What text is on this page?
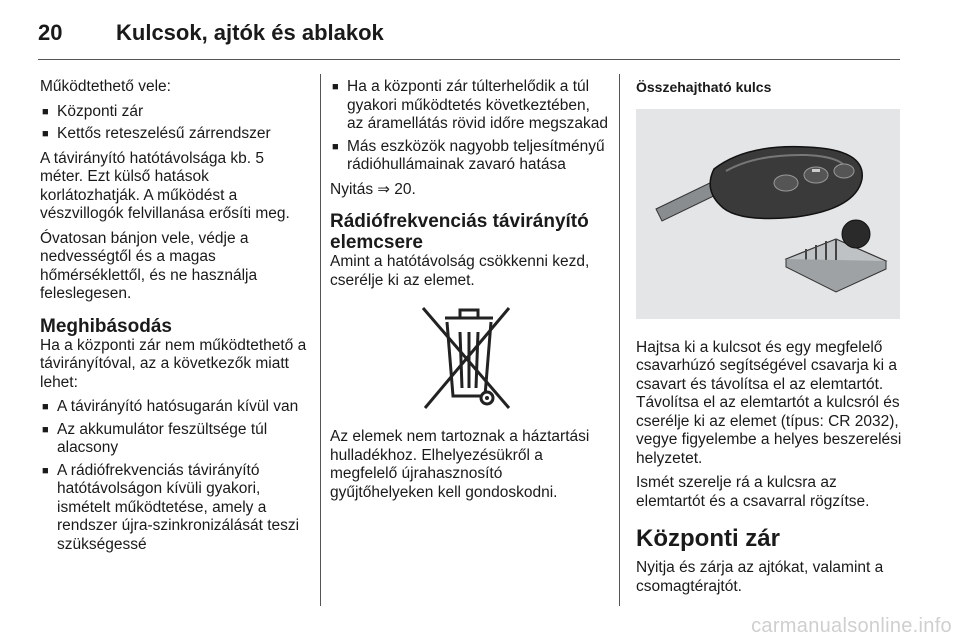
20	Kulcsok, ajtók és ablakok

Működtethető vele:

■ Központi zár
■ Kettős reteszelésű zárrendszer

A távirányító hatótávolsága kb. 5 méter. Ezt külső hatások korlátozhatják. A működést a vészvillogók felvillanása erősíti meg.

Óvatosan bánjon vele, védje a nedvességtől és a magas hőmérséklettől, és ne használja feleslegesen.

Meghibásodás

Ha a központi zár nem működtethető a távirányítóval, az a következők miatt lehet:

■ A távirányító hatósugarán kívül van
■ Az akkumulátor feszültsége túl alacsony
■ A rádiófrekvenciás távirányító hatótávolságon kívüli gyakori, ismételt működtetése, amely a rendszer újra-szinkronizálását teszi szükségessé
■ Ha a központi zár túlterhelődik a túl gyakori működtetés következtében, az áramellátás rövid időre megszakad
■ Más eszközök nagyobb teljesítményű rádióhullámainak zavaró hatása

Nyitás ⇒ 20.

Rádiófrekvenciás távirányító elemcsere

Amint a hatótávolság csökkenni kezd, cserélje ki az elemet.

Az elemek nem tartoznak a háztartási hulladékhoz. Elhelyezésükről a megfelelő újrahasznosító gyűjtőhelyeken kell gondoskodni.

Összehajtható kulcs

Hajtsa ki a kulcsot és egy megfelelő csavarhúzó segítségével csavarja ki a csavart és távolítsa el az elemtartót. Távolítsa el az elemtartót a kulcsról és cserélje ki az elemet (típus: CR 2032), vegye figyelembe a helyes beszerelési helyzetet.

Ismét szerelje rá a kulcsra az elemtartót és a csavarral rögzítse.

Központi zár

Nyitja és zárja az ajtókat, valamint a csomagtérajtót.

carmanualsonline.info
